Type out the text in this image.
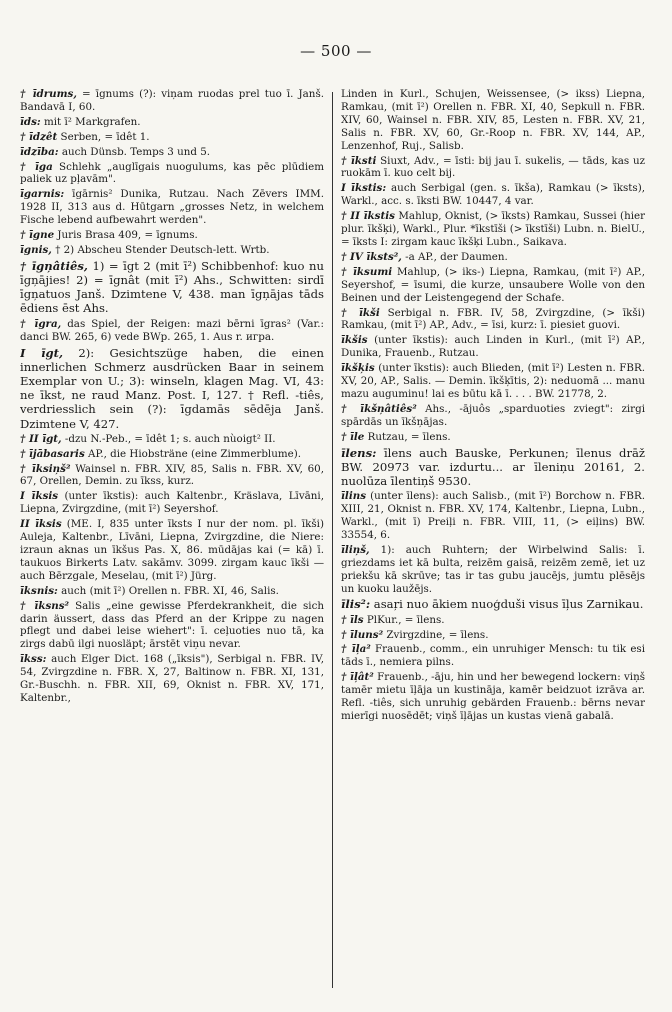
— 500 —

† īdrums, = īgnums (?): viņam ruodas prel tuo ī. Janš. Bandavā I, 60.

īds: mit ī² Markgrafen.

† īdzêt Serben, = īdêt 1.

īdzība: auch Dünsb. Temps 3 und 5.

† īga Schlehk „auglīgais nuogulums, kas pēc plūdiem paliek uz pļavām".

īgarnis: īgārnis² Dunika, Rutzau. Nach Zēvers IMM. 1928 II, 313 aus d. Hūtgarn „grosses Netz, in welchem Fische lebend aufbewahrt werden".

† īgne Juris Brasa 409, = īgnums.

īgnis, † 2) Abscheu Stender Deutsch-lett. Wrtb.

† īgņâtiês, 1) = īgt 2 (mit ī²) Schibbenhof: kuo nu īgņājies! 2) = īgnât (mit ī²) Ahs., Schwitten: sirdī īgņatuos Janš. Dzimtene V, 438. man īgņājas tāds ēdiens ēst Ahs.

† īgra, das Spiel, der Reigen: mazi bērni īgras² (Var.: danci BW. 265, 6) vede BWp. 265, 1. Aus r. игра.

I īgt, 2): Gesichtszüge haben, die einen innerlichen Schmerz ausdrücken Baar in seinem Exemplar von U.; 3): winseln, klagen Mag. VI, 43: ne īkst, ne raud Manz. Post. I, 127. † Refl. -tiês, verdriesslich sein (?): īgdamās sēdēja Janš. Dzimtene V, 427.

† II īgt, -dzu N.-Peb., = īdêt 1; s. auch nùoigt² II.

† ījābasaris AP., die Hiobsträne (eine Zimmerblume).

† īksiņš² Wainsel n. FBR. XIV, 85, Salis n. FBR. XV, 60, 67, Orellen, Demin. zu īkss, kurz.

I īksis (unter īkstis): auch Kaltenbr., Kräslava, Līvāni, Liepna, Zvirgzdine, (mit ī²) Seyershof.

II īksis (ME. I, 835 unter īksts I nur der nom. pl. īkši) Auleja, Kaltenbr., Līvāni, Liepna, Zvirgzdine, die Niere: izraun aknas un īkšus Pas. X, 86. mūdājas kai (= kā) ī. taukuos Birkerts Latv. sakāmv. 3099. zirgam kauc īkši — auch Bērzgale, Meselau, (mit ī²) Jürg.

īksnis: auch (mit ī²) Orellen n. FBR. XI, 46, Salis.

† īksns² Salis „eine gewisse Pferdekrankheit, die sich darin äussert, dass das Pferd an der Krippe zu nagen pflegt und dabei leise wiehert": ī. ceļuoties nuo tā, ka zirgs dabū ilgi nuosläpt; ārstēt viņu nevar.

īkss: auch Elger Dict. 168 („īksis"), Serbigal n. FBR. IV, 54, Zvirgzdine n. FBR. X, 27, Baltinow n. FBR. XI, 131, Gr.-Buschh. n. FBR. XII, 69, Oknist n. FBR. XV, 171, Kaltenbr.,

Linden in Kurl., Schujen, Weissensee, (> ikss) Liepna, Ramkau, (mit ī²) Orellen n. FBR. XI, 40, Sepkull n. FBR. XIV, 60, Wainsel n. FBR. XIV, 85, Lesten n. FBR. XV, 21, Salis n. FBR. XV, 60, Gr.-Roop n. FBR. XV, 144, AP., Lenzenhof, Ruj., Salisb.

† īksti Siuxt, Adv., = īsti: bij jau ī. sukelis, — tāds, kas uz ruokām ī. kuo celt bij.

I īkstis: auch Serbigal (gen. s. īkša), Ramkau (> īksts), Warkl., acc. s. īksti BW. 10447, 4 var.

† II īkstis Mahlup, Oknist, (> īksts) Ramkau, Sussei (hier plur. īkšķi), Warkl., Plur. *īkstīši (> īkstīši) Lubn. n. BielU., = īksts I: zirgam kauc īkšķi Lubn., Saikava.

† IV īksts², -a AP., der Daumen.

† īksumi Mahlup, (> iks-) Liepna, Ramkau, (mit ī²) AP., Seyershof, = īsumi, die kurze, unsaubere Wolle von den Beinen und der Leistengegend der Schafe.

† īkši Serbigal n. FBR. IV, 58, Zvirgzdine, (> īkši) Ramkau, (mit ī²) AP., Adv., = īsi, kurz: ī. piesiet guovi.

īkšis (unter īkstis): auch Linden in Kurl., (mit ī²) AP., Dunika, Frauenb., Rutzau.

īkšķis (unter īkstis): auch Blieden, (mit ī²) Lesten n. FBR. XV, 20, AP., Salis. — Demin. īkšķītis, 2): neduomā ... manu mazu auguminu! lai es būtu kā ī. . . . BW. 21778, 2.

† īkšņâtiês² Ahs., -ājuôs „sparduoties zviegt": zirgi spārdās un īkšņājas.

† īle Rutzau, = īlens.

īlens: īlens auch Bauske, Perkunen; īlenus drāž BW. 20973 var. izdurtu... ar īleniņu 20161, 2. nuolūza īlentiņš 9530.

īlins (unter īlens): auch Salisb., (mit ī²) Borchow n. FBR. XIII, 21, Oknist n. FBR. XV, 174, Kaltenbr., Liepna, Lubn., Warkl., (mit ī) Preiļi n. FBR. VIII, 11, (> eiļins) BW. 33554, 6.

īliņš, 1): auch Ruhtern; der Wirbelwind Salis: ī. griezdams iet kā bulta, reizēm gaisā, reizēm zemē, iet uz priekšu kā skrūve; tas ir tas gubu jaucējs, jumtu plēsējs un kuoku laužējs.

īlis²: asaŗi nuo ākiem nuoģduši visus īļus Zarnikau.

† īls PlKur., = īlens.

† īluns² Zvirgzdine, = īlens.

† īļa² Frauenb., comm., ein unruhiger Mensch: tu tik esi tāds ī., nemiera pilns.

† īļât² Frauenb., -āju, hin und her bewegend lockern: viņš tamēr mietu īļāja un kustināja, kamēr beidzuot izrāva ar. Refl. -tiês, sich unruhig gebärden Frauenb.: bērns nevar mierīgi nuosēdēt; viņš īļājas un kustas vienā gabalā.
